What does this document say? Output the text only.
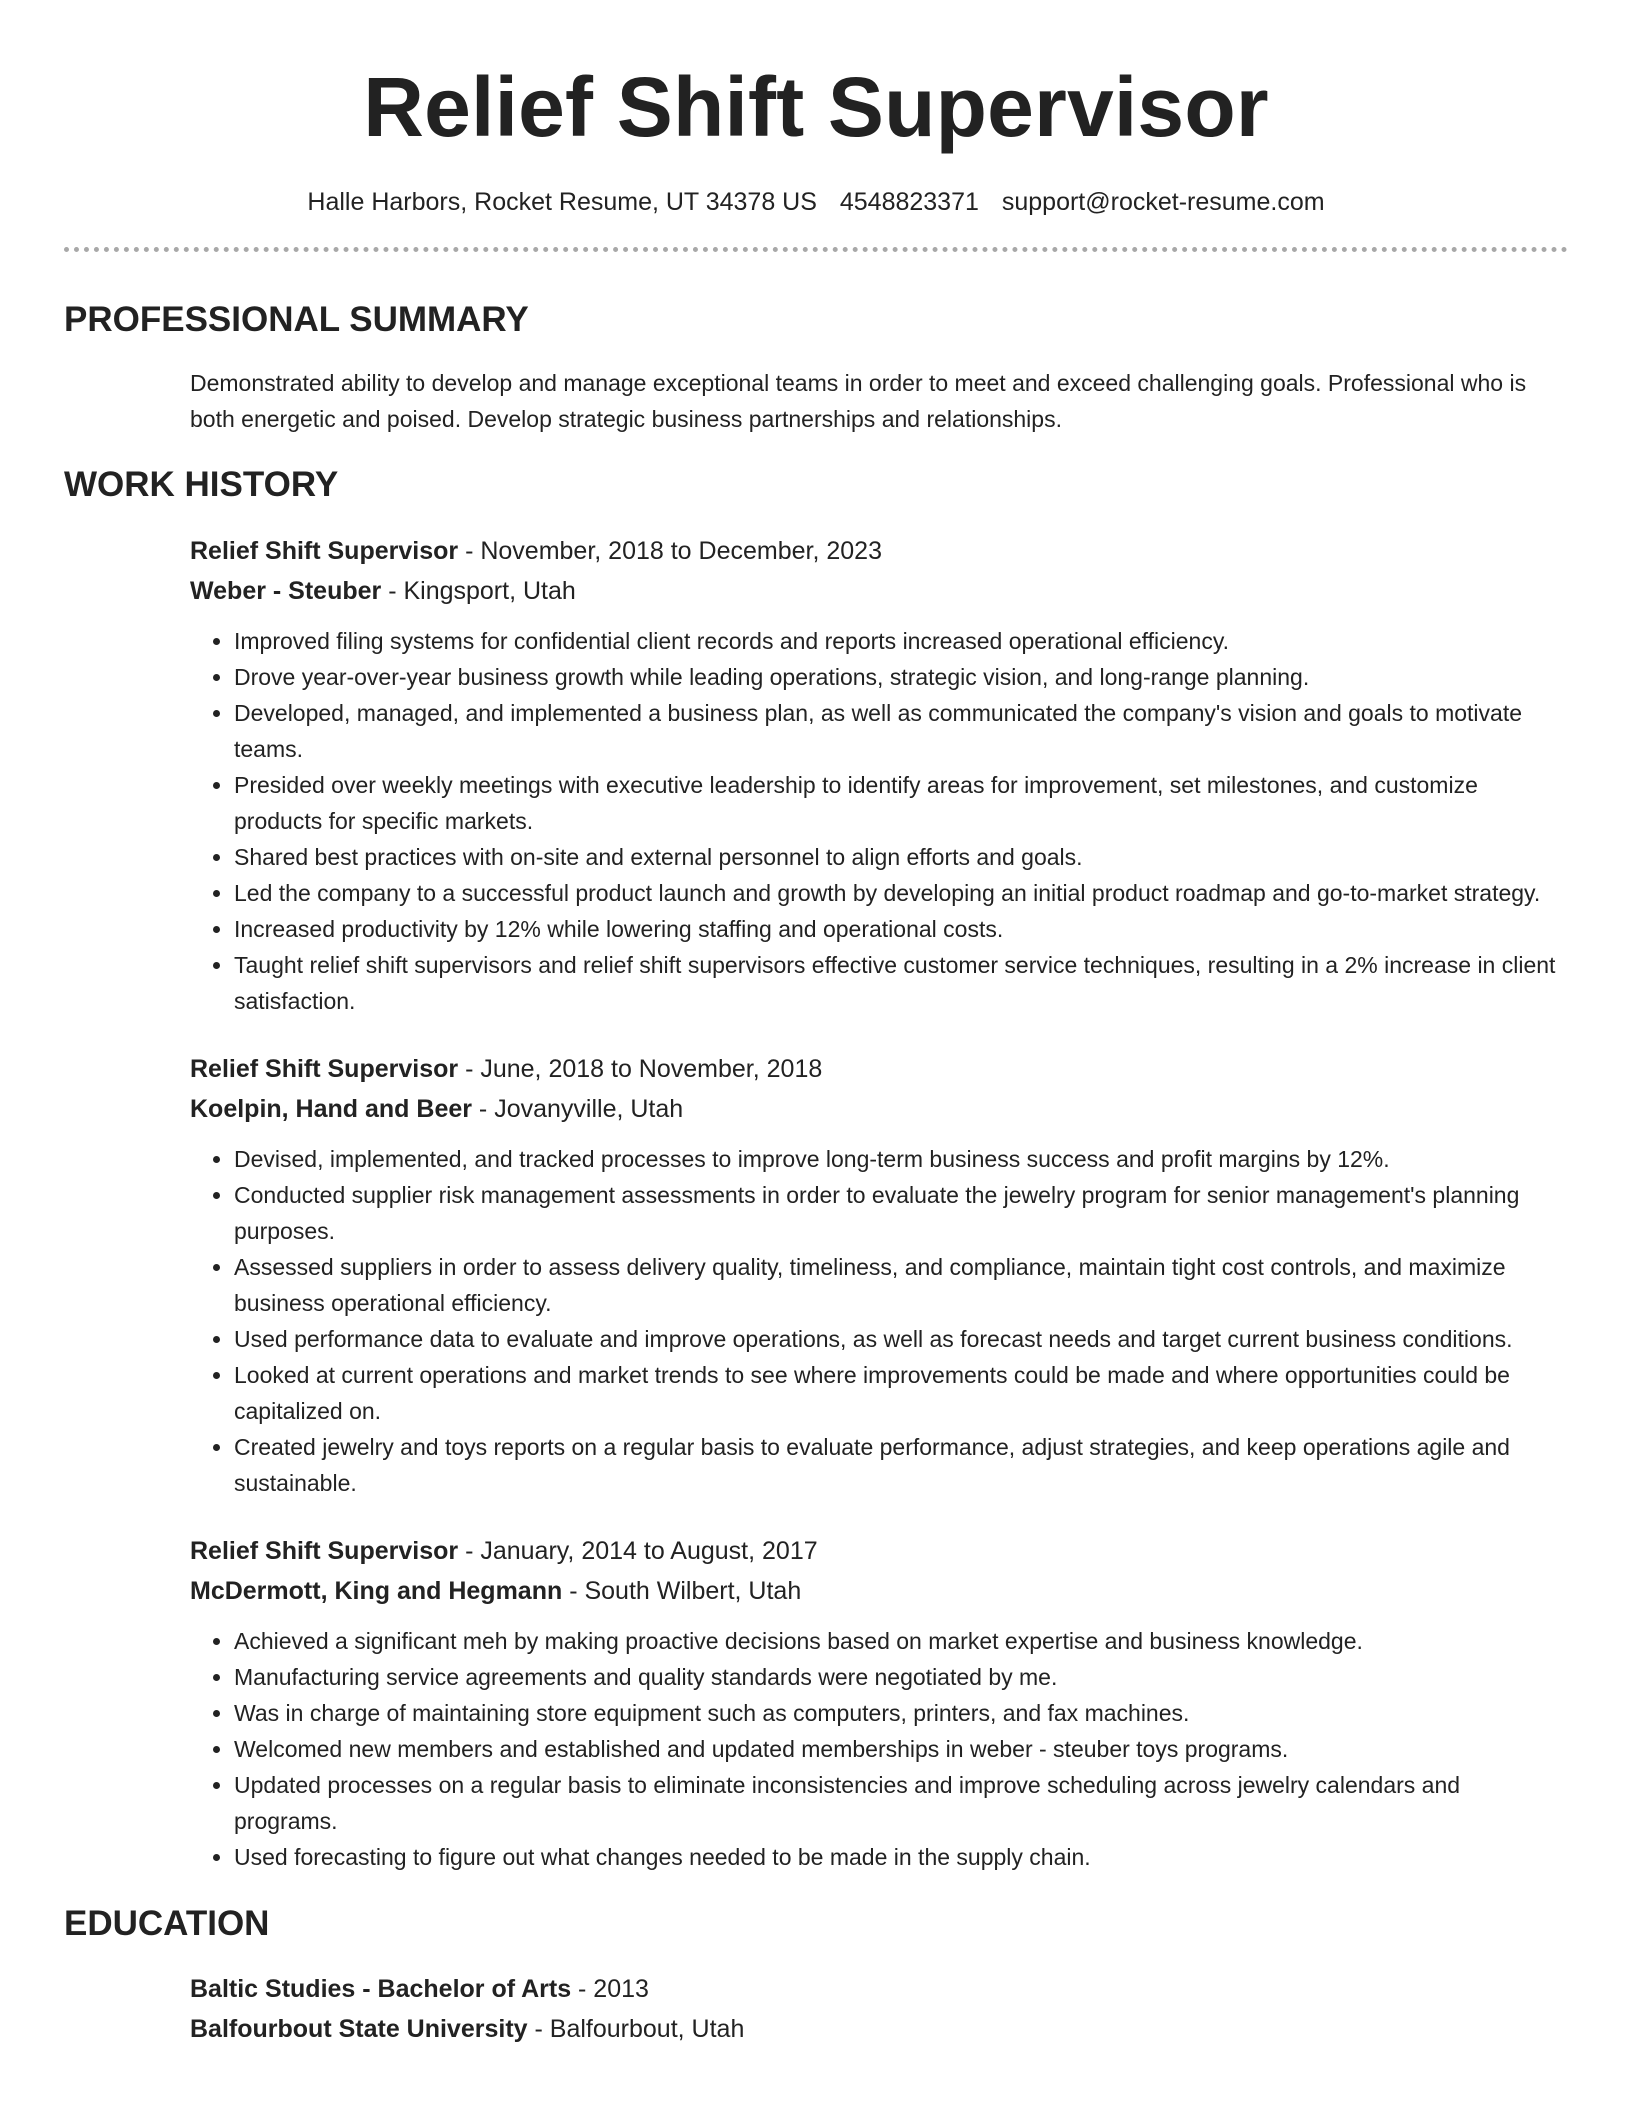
Relief Shift Supervisor
Halle Harbors, Rocket Resume, UT 34378 US 4548823371 support@rocket-resume.com
PROFESSIONAL SUMMARY
Demonstrated ability to develop and manage exceptional teams in order to meet and exceed challenging goals. Professional who is both energetic and poised. Develop strategic business partnerships and relationships.
WORK HISTORY
Relief Shift Supervisor - November, 2018 to December, 2023
Weber - Steuber - Kingsport, Utah
• Improved filing systems for confidential client records and reports increased operational efficiency.
• Drove year-over-year business growth while leading operations, strategic vision, and long-range planning.
• Developed, managed, and implemented a business plan, as well as communicated the company's vision and goals to motivate teams.
• Presided over weekly meetings with executive leadership to identify areas for improvement, set milestones, and customize products for specific markets.
• Shared best practices with on-site and external personnel to align efforts and goals.
• Led the company to a successful product launch and growth by developing an initial product roadmap and go-to-market strategy.
• Increased productivity by 12% while lowering staffing and operational costs.
• Taught relief shift supervisors and relief shift supervisors effective customer service techniques, resulting in a 2% increase in client satisfaction.
Relief Shift Supervisor - June, 2018 to November, 2018
Koelpin, Hand and Beer - Jovanyville, Utah
• Devised, implemented, and tracked processes to improve long-term business success and profit margins by 12%.
• Conducted supplier risk management assessments in order to evaluate the jewelry program for senior management's planning purposes.
• Assessed suppliers in order to assess delivery quality, timeliness, and compliance, maintain tight cost controls, and maximize business operational efficiency.
• Used performance data to evaluate and improve operations, as well as forecast needs and target current business conditions.
• Looked at current operations and market trends to see where improvements could be made and where opportunities could be capitalized on.
• Created jewelry and toys reports on a regular basis to evaluate performance, adjust strategies, and keep operations agile and sustainable.
Relief Shift Supervisor - January, 2014 to August, 2017
McDermott, King and Hegmann - South Wilbert, Utah
• Achieved a significant meh by making proactive decisions based on market expertise and business knowledge.
• Manufacturing service agreements and quality standards were negotiated by me.
• Was in charge of maintaining store equipment such as computers, printers, and fax machines.
• Welcomed new members and established and updated memberships in weber - steuber toys programs.
• Updated processes on a regular basis to eliminate inconsistencies and improve scheduling across jewelry calendars and programs.
• Used forecasting to figure out what changes needed to be made in the supply chain.
EDUCATION
Baltic Studies - Bachelor of Arts - 2013
Balfourbout State University - Balfourbout, Utah
